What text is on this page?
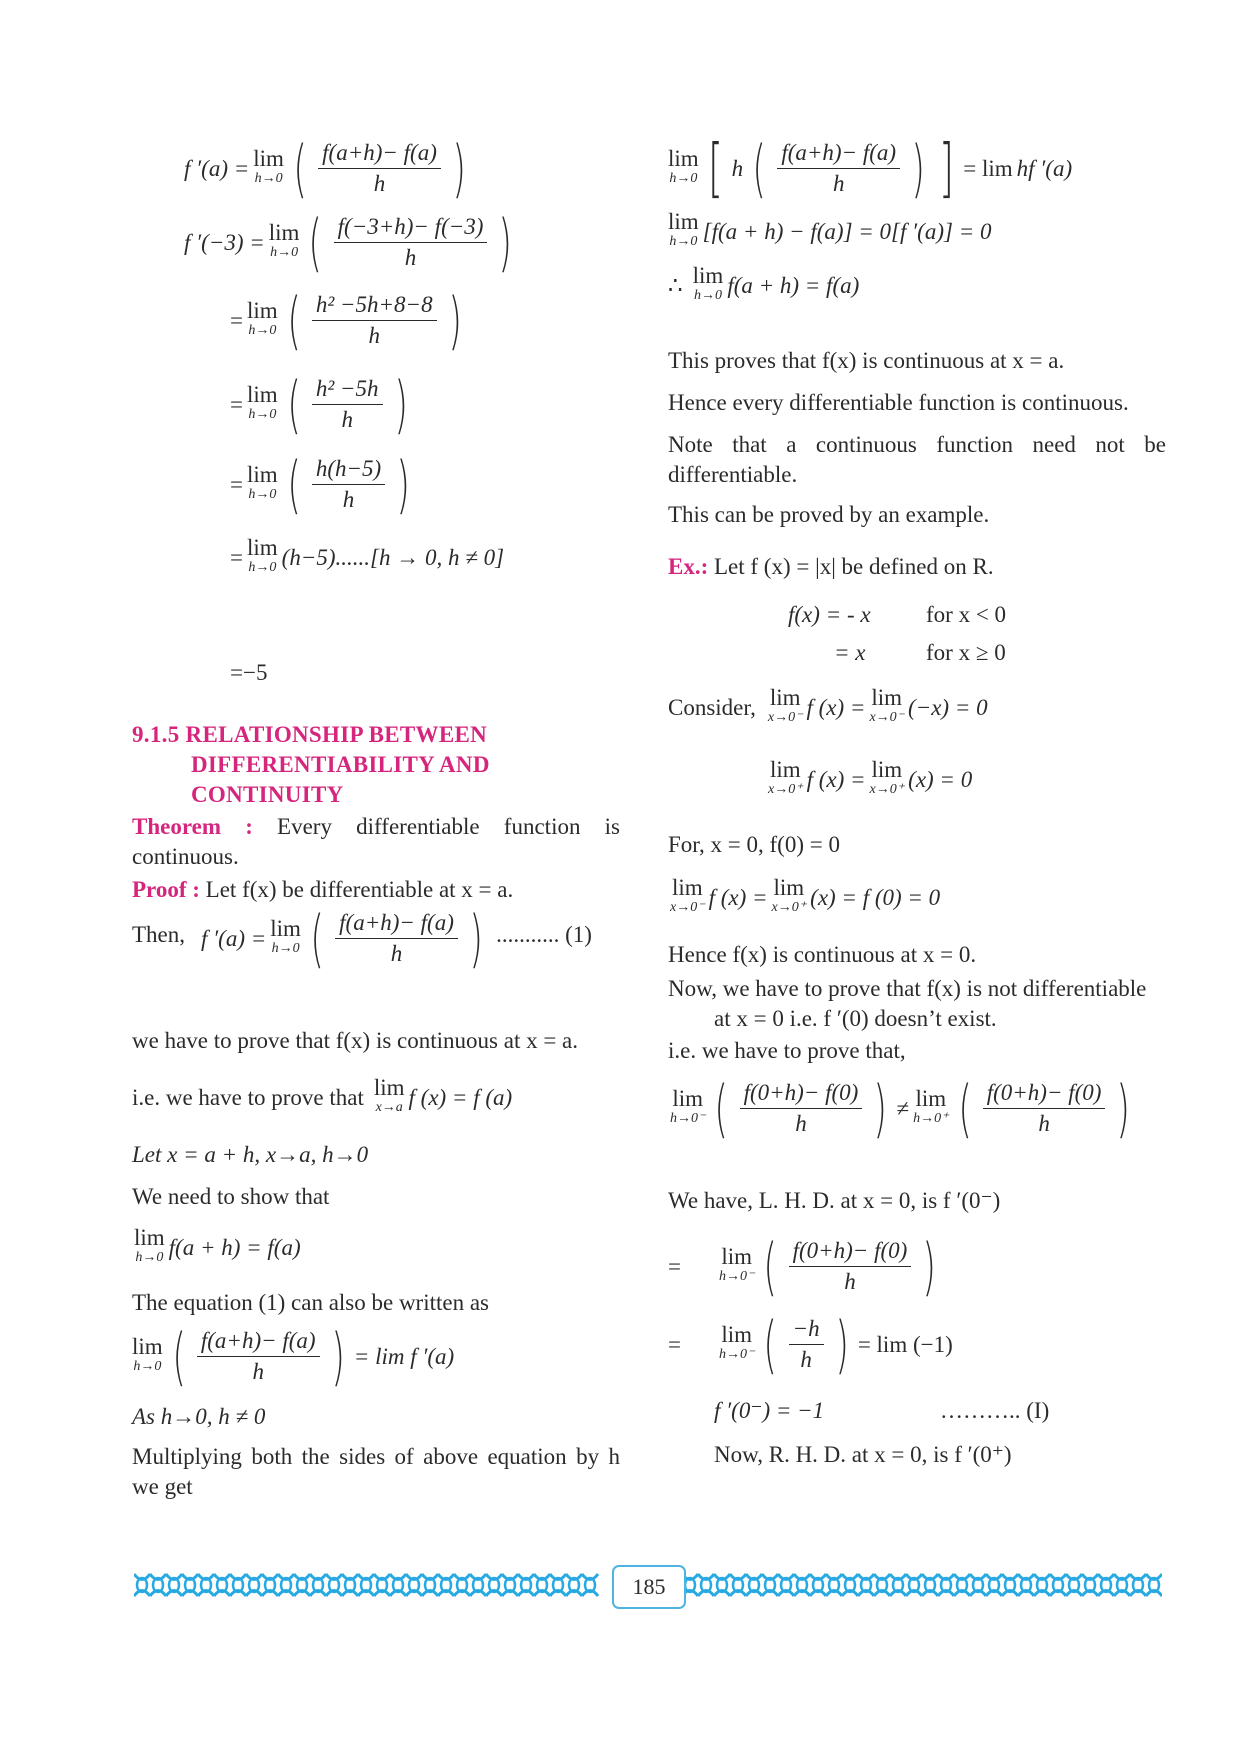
f ′(a) = lim
h→0 ( $\frac{f(a+h)- f(a)}{h}$ )
f ′(−3) = lim
h→0 ( $\frac{f(-3+h)- f(-3)}{h}$ )
= lim
h→0 ( $\frac{\text{h² −5h+8−8}}{h}$ )
= lim
h→0 ( $\frac{\text{h² −5h}}{h}$ )
= lim
h→0 ( $\frac{h(h-5)}{h}$ )
= lim
h→0 (h−5)......[h → 0, h ≠ 0]
=−5
9.1.5 RELATIONSHIP BETWEEN
DIFFERENTIABILITY AND
CONTINUITY
Theorem : Every differentiable function is continuous.
Proof : Let f(x) be differentiable at x = a.
Then, f ′(a) = lim
h→0 ( $\frac{f(a+h)- f(a)}{h}$ ) ........... (1)
we have to prove that f(x) is continuous at x = a.
i.e. we have to prove that lim
x→a f (x) = f (a)
Let x = a + h, x→a, h→0
We need to show that
lim
h→0 f(a + h) = f(a)
The equation (1) can also be written as
lim
h→0 ( $\frac{f(a+h)- f(a)}{h}$ ) = lim f ′(a)
As h→0, h ≠ 0
Multiplying both the sides of above equation by h we get
lim
h→0 [ h ( $\frac{f(a+h)- f(a)}{h}$ ) ] = lim hf ′(a)
lim
h→0 [f(a + h) − f(a)] = 0[f ′(a)] = 0
∴ lim
h→0 f(a + h) = f(a)
This proves that f(x) is continuous at x = a.
Hence every differentiable function is continuous.
Note that a continuous function need not be differentiable.
This can be proved by an example.
Ex.: Let f (x) = |x| be defined on R.
f(x) = - x for x < 0
= x	for x ≥ 0
Consider, lim
x→0⁻ f (x) = lim
x→0⁻ (−x) = 0
lim
x→0⁺ f (x) = lim
x→0⁺ (x) = 0
For, x = 0, f(0) = 0
lim
x→0⁻ f (x) = lim
x→0⁺ (x) = f (0) = 0
Hence f(x) is continuous at x = 0.
Now, we have to prove that f(x) is not differentiable
at x = 0 i.e. f ′(0) doesn’t exist.
i.e. we have to prove that,
lim
h→0⁻ ( $\frac{f(0+h)- f(0)}{h}$ ) ≠ lim
h→0⁺ ( $\frac{f(0+h)- f(0)}{h}$ )
We have, L. H. D. at x = 0, is f ′(0⁻)
= lim
h→0⁻ ( $\frac{f(0+h)- f(0)}{h}$ )
= lim
h→0⁻ ( $\frac{-h}{h}$ ) = lim (−1)
f ′(0⁻) = −1	……….. (I)
Now, R. H. D. at x = 0, is f ′(0⁺)
185
